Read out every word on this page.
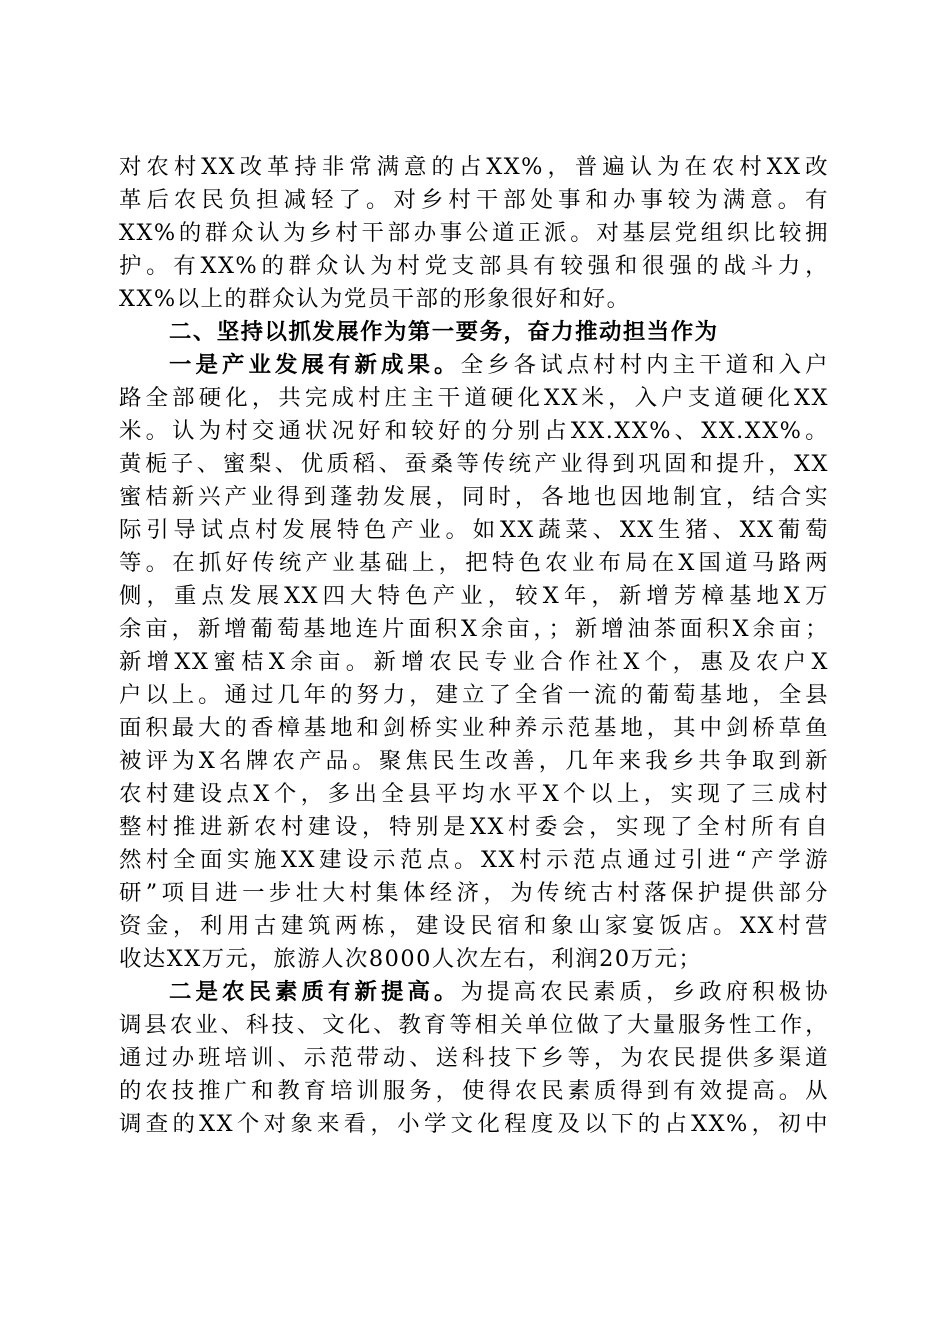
对农村XX改革持非常满意的占XX%，普遍认为在农村XX改
革后农民负担减轻了。对乡村干部处事和办事较为满意。有
XX%的群众认为乡村干部办事公道正派。对基层党组织比较拥
护。有XX%的群众认为村党支部具有较强和很强的战斗力，
XX%以上的群众认为党员干部的形象很好和好。
二、坚持以抓发展作为第一要务，奋力推动担当作为
一是产业发展有新成果。全乡各试点村村内主干道和入户
路全部硬化，共完成村庄主干道硬化XX米，入户支道硬化XX
米。认为村交通状况好和较好的分别占XX.XX%、XX.XX%。
黄栀子、蜜梨、优质稻、蚕桑等传统产业得到巩固和提升，XX
蜜桔新兴产业得到蓬勃发展，同时，各地也因地制宜，结合实
际引导试点村发展特色产业。如XX蔬菜、XX生猪、XX葡萄
等。在抓好传统产业基础上，把特色农业布局在X国道马路两
侧，重点发展XX四大特色产业，较X年，新增芳樟基地X万
余亩，新增葡萄基地连片面积X余亩，；新增油茶面积X余亩；
新增XX蜜桔X余亩。新增农民专业合作社X个，惠及农户X
户以上。通过几年的努力，建立了全省一流的葡萄基地，全县
面积最大的香樟基地和剑桥实业种养示范基地，其中剑桥草鱼
被评为X名牌农产品。聚焦民生改善，几年来我乡共争取到新
农村建设点X个，多出全县平均水平X个以上，实现了三成村
整村推进新农村建设，特别是XX村委会，实现了全村所有自
然村全面实施XX建设示范点。XX村示范点通过引进“产学游
研”项目进一步壮大村集体经济，为传统古村落保护提供部分
资金，利用古建筑两栋，建设民宿和象山家宴饭店。XX村营
收达XX万元，旅游人次8000人次左右，利润20万元；
二是农民素质有新提高。为提高农民素质，乡政府积极协
调县农业、科技、文化、教育等相关单位做了大量服务性工作，
通过办班培训、示范带动、送科技下乡等，为农民提供多渠道
的农技推广和教育培训服务，使得农民素质得到有效提高。从
调查的XX个对象来看，小学文化程度及以下的占XX%，初中
